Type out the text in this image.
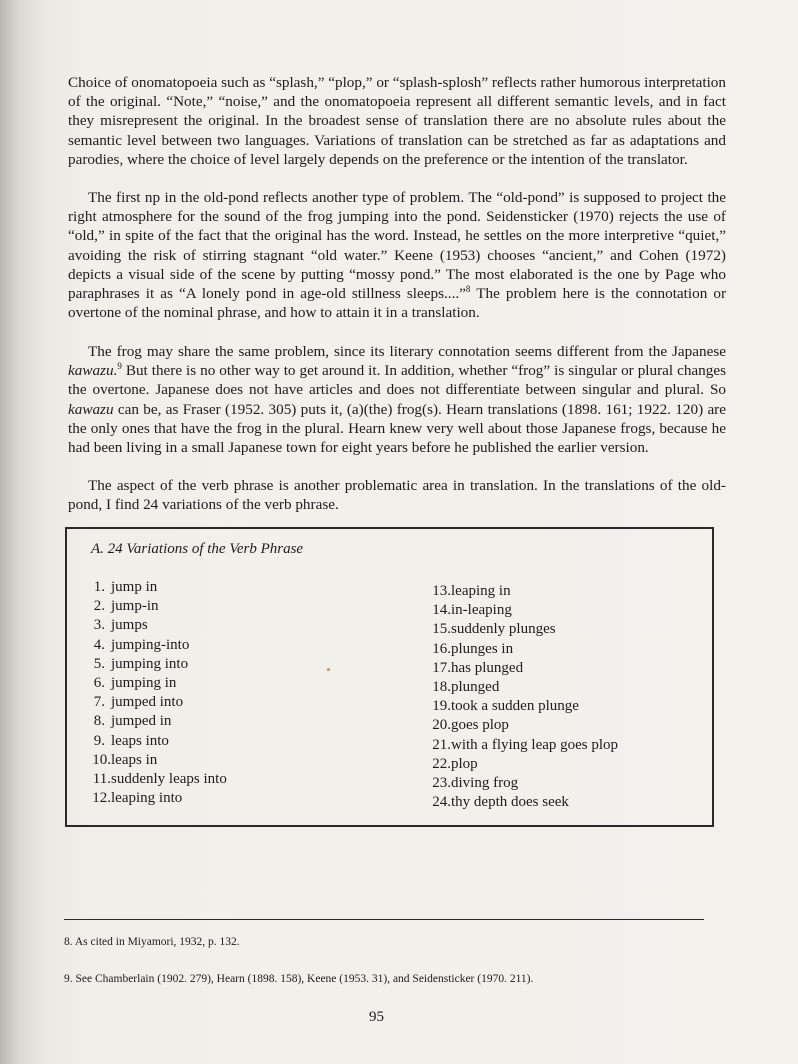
Choice of onomatopoeia such as “splash,” “plop,” or “splash-splosh” reflects rather humorous interpretation of the original. “Note,” “noise,” and the onomatopoeia represent all different semantic levels, and in fact they misrepresent the original. In the broadest sense of translation there are no absolute rules about the semantic level between two languages. Variations of translation can be stretched as far as adaptations and parodies, where the choice of level largely depends on the preference or the intention of the translator.

The first np in the old-pond reflects another type of problem. The “old-pond” is supposed to project the right atmosphere for the sound of the frog jumping into the pond. Seidensticker (1970) rejects the use of “old,” in spite of the fact that the original has the word. Instead, he settles on the more interpretive “quiet,” avoiding the risk of stirring stagnant “old water.” Keene (1953) chooses “ancient,” and Cohen (1972) depicts a visual side of the scene by putting “mossy pond.” The most elaborated is the one by Page who paraphrases it as “A lonely pond in age-old stillness sleeps....”$^8$ The problem here is the connotation or overtone of the nominal phrase, and how to attain it in a translation.

The frog may share the same problem, since its literary connotation seems different from the Japanese kawazu.$^9$ But there is no other way to get around it. In addition, whether “frog” is singular or plural changes the overtone. Japanese does not have articles and does not differentiate between singular and plural. So kawazu can be, as Fraser (1952. 305) puts it, (a)(the) frog(s). Hearn translations (1898. 161; 1922. 120) are the only ones that have the frog in the plural. Hearn knew very well about those Japanese frogs, because he had been living in a small Japanese town for eight years before he published the earlier version.

The aspect of the verb phrase is another problematic area in translation. In the translations of the old-pond, I find 24 variations of the verb phrase.

A. 24 Variations of the Verb Phrase

1. jump in
2. jump-in
3. jumps
4. jumping-into
5. jumping into
6. jumping in
7. jumped into
8. jumped in
9. leaps into
10. leaps in
11. suddenly leaps into
12. leaping into
13. leaping in
14. in-leaping
15. suddenly plunges
16. plunges in
17. has plunged
18. plunged
19. took a sudden plunge
20. goes plop
21. with a flying leap goes plop
22. plop
23. diving frog
24. thy depth does seek

8. As cited in Miyamori, 1932, p. 132.

9. See Chamberlain (1902. 279), Hearn (1898. 158), Keene (1953. 31), and Seidensticker (1970. 211).

95
